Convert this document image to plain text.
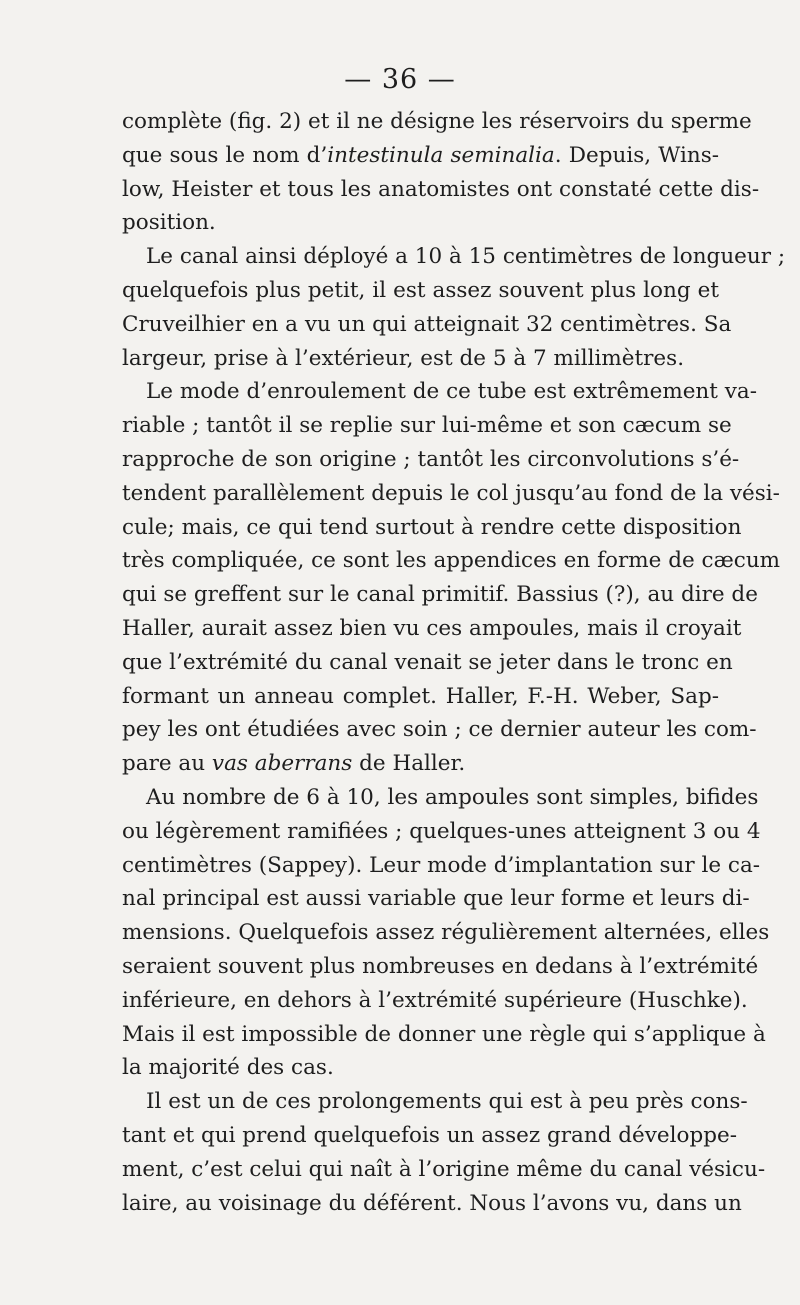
— 36 —
complète (fig. 2) et il ne désigne les réservoirs du sperme
que sous le nom d’intestinula seminalia. Depuis, Wins-
low, Heister et tous les anatomistes ont constaté cette dis-
position.
Le canal ainsi déployé a 10 à 15 centimètres de longueur ;
quelquefois plus petit, il est assez souvent plus long et
Cruveilhier en a vu un qui atteignait 32 centimètres. Sa
largeur, prise à l’extérieur, est de 5 à 7 millimètres.
Le mode d’enroulement de ce tube est extrêmement va-
riable ; tantôt il se replie sur lui-même et son cæcum se
rapproche de son origine ; tantôt les circonvolutions s’é-
tendent parallèlement depuis le col jusqu’au fond de la vési-
cule; mais, ce qui tend surtout à rendre cette disposition
très compliquée, ce sont les appendices en forme de cæcum
qui se greffent sur le canal primitif. Bassius (?), au dire de
Haller, aurait assez bien vu ces ampoules, mais il croyait
que l’extrémité du canal venait se jeter dans le tronc en
formant un anneau complet. Haller, F.-H. Weber, Sap-
pey les ont étudiées avec soin ; ce dernier auteur les com-
pare au vas aberrans de Haller.
Au nombre de 6 à 10, les ampoules sont simples, bifides
ou légèrement ramifiées ; quelques-unes atteignent 3 ou 4
centimètres (Sappey). Leur mode d’implantation sur le ca-
nal principal est aussi variable que leur forme et leurs di-
mensions. Quelquefois assez régulièrement alternées, elles
seraient souvent plus nombreuses en dedans à l’extrémité
inférieure, en dehors à l’extrémité supérieure (Huschke).
Mais il est impossible de donner une règle qui s’applique à
la majorité des cas.
Il est un de ces prolongements qui est à peu près cons-
tant et qui prend quelquefois un assez grand développe-
ment, c’est celui qui naît à l’origine même du canal vésicu-
laire, au voisinage du déférent. Nous l’avons vu, dans un
